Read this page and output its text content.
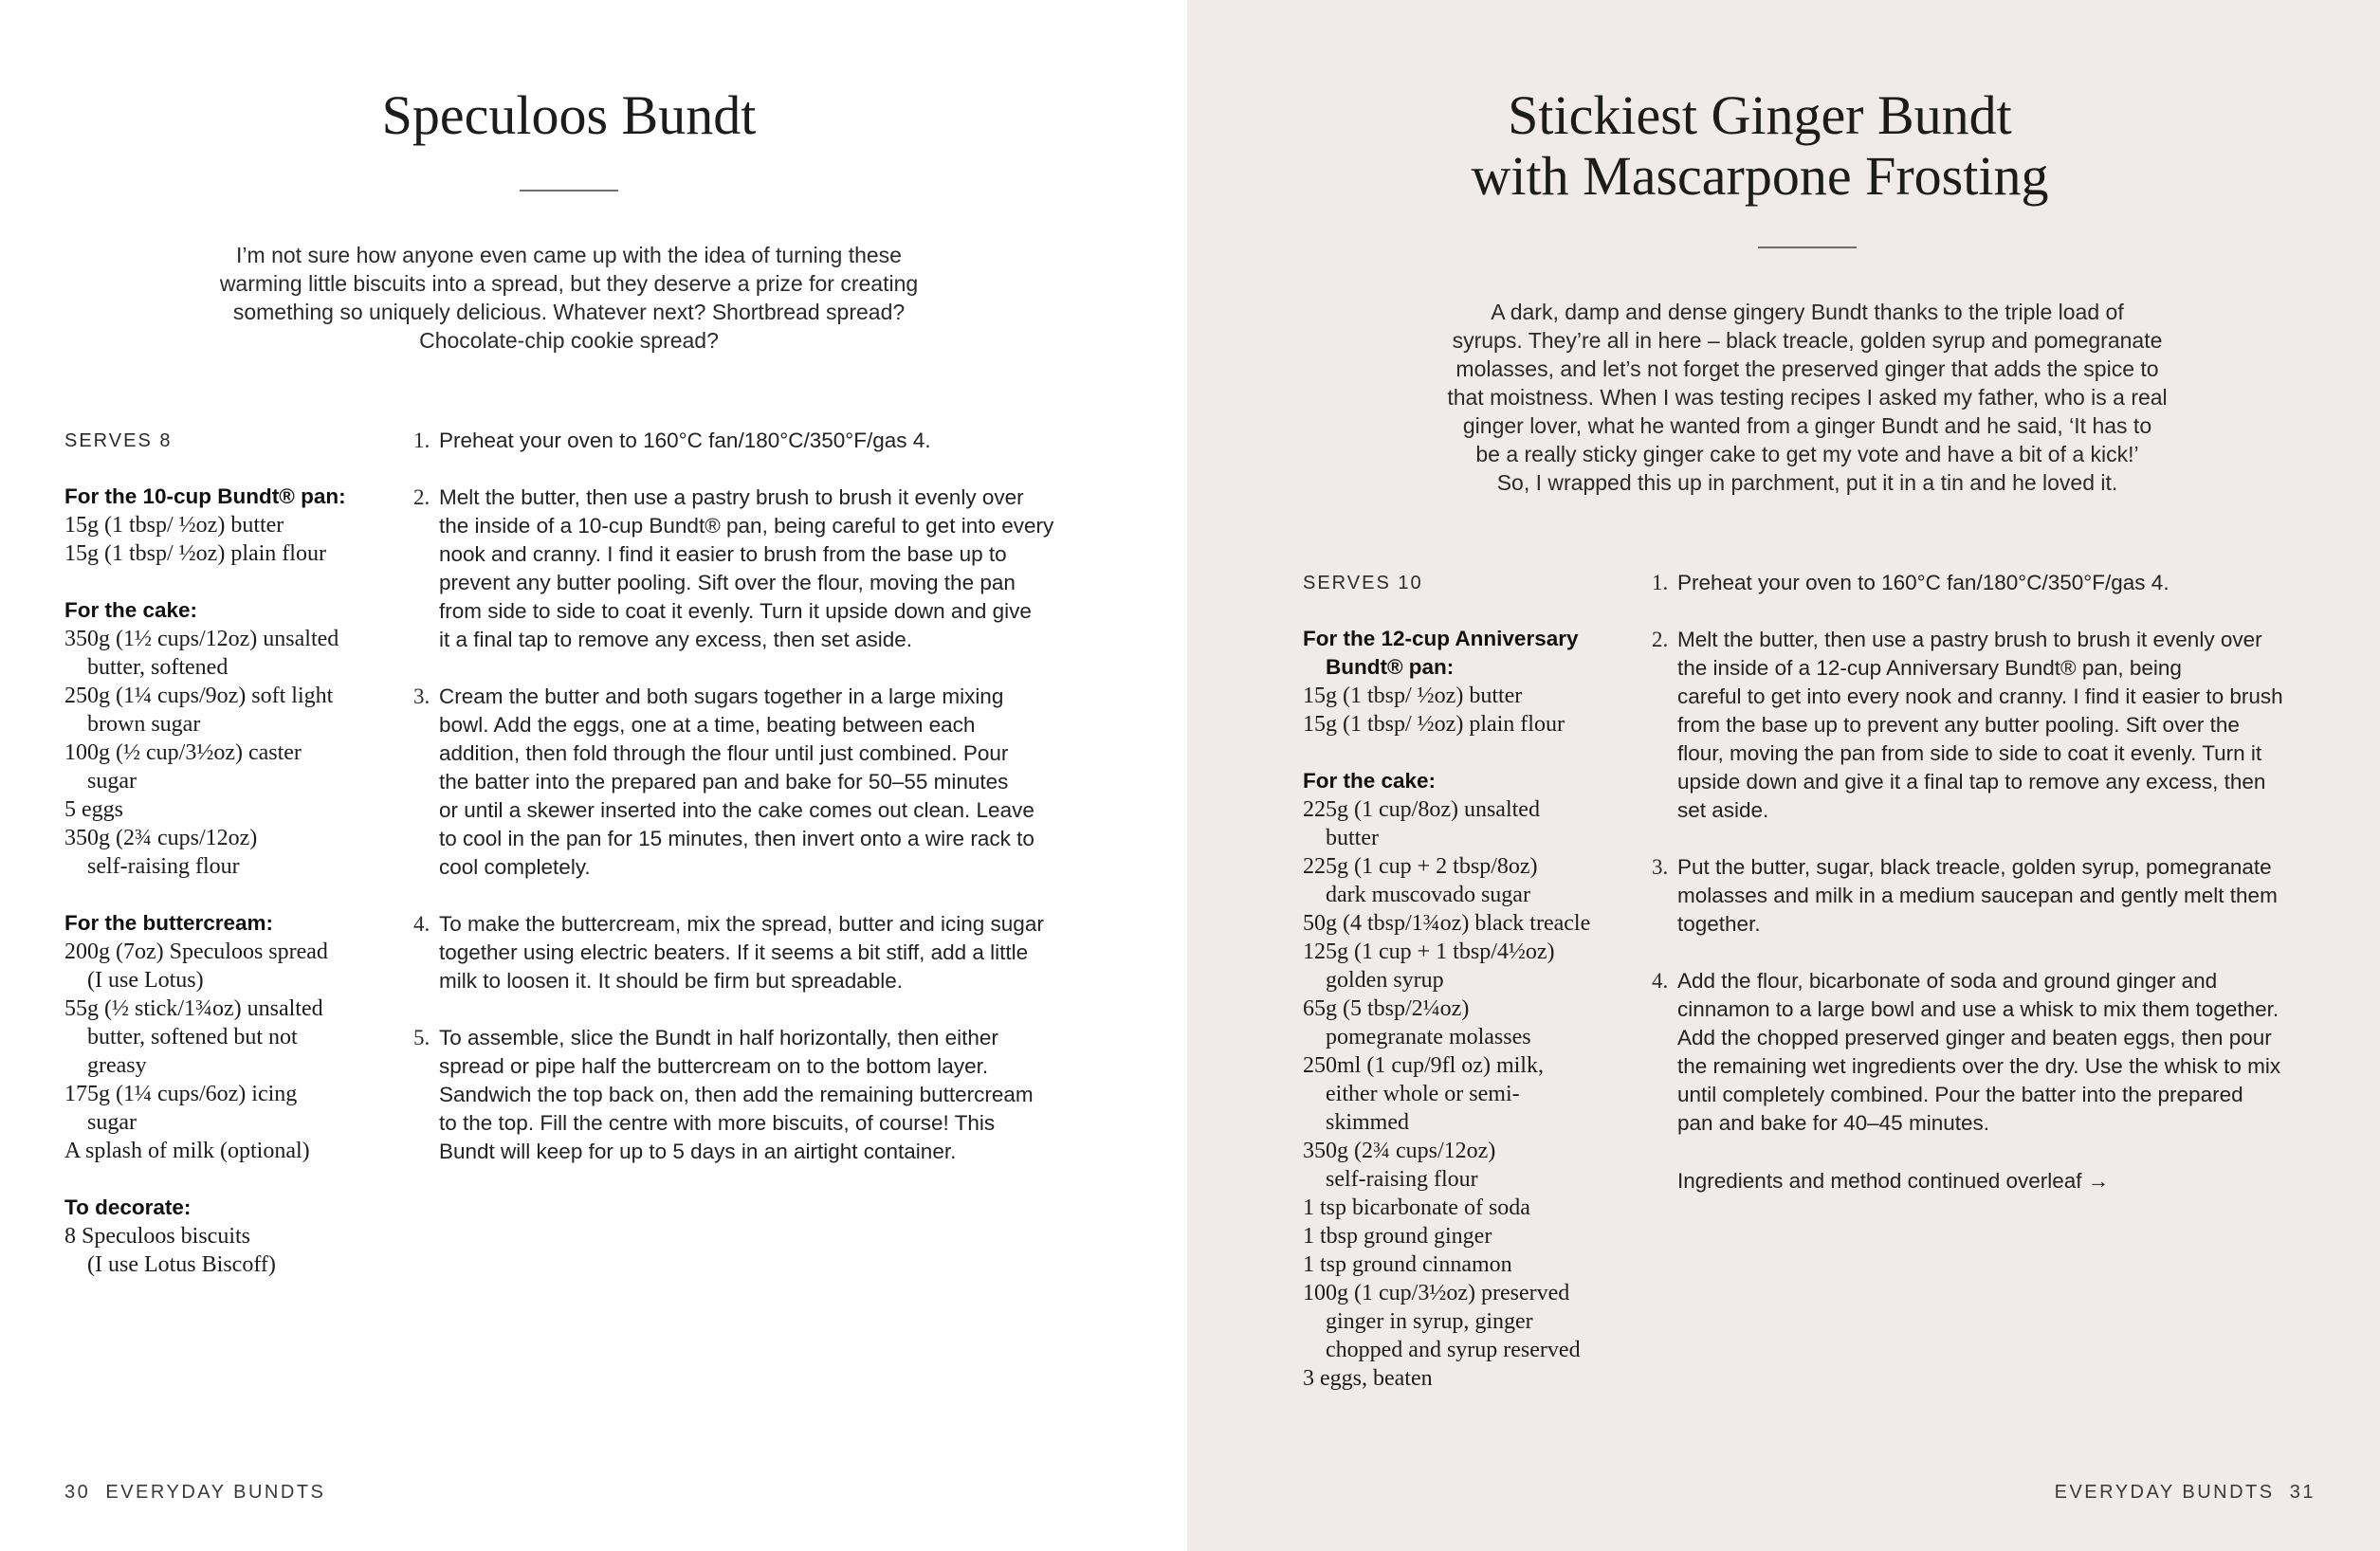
Speculoos Bundt
I’m not sure how anyone even came up with the idea of turning these
warming little biscuits into a spread, but they deserve a prize for creating
something so uniquely delicious. Whatever next? Shortbread spread?
Chocolate-chip cookie spread?
SERVES 8
For the 10-cup Bundt® pan:
15g (1 tbsp/ ½oz) butter
15g (1 tbsp/ ½oz) plain flour
For the cake:
350g (1½ cups/12oz) unsalted
butter, softened
250g (1¼ cups/9oz) soft light
brown sugar
100g (½ cup/3½oz) caster
sugar
5 eggs
350g (2¾ cups/12oz)
self-raising flour
For the buttercream:
200g (7oz) Speculoos spread
(I use Lotus)
55g (½ stick/1¾oz) unsalted
butter, softened but not
greasy
175g (1¼ cups/6oz) icing
sugar
A splash of milk (optional)
To decorate:
8 Speculoos biscuits
(I use Lotus Biscoff)
1. Preheat your oven to 160°C fan/180°C/350°F/gas 4.
2. Melt the butter, then use a pastry brush to brush it evenly over
the inside of a 10-cup Bundt® pan, being careful to get into every
nook and cranny. I find it easier to brush from the base up to
prevent any butter pooling. Sift over the flour, moving the pan
from side to side to coat it evenly. Turn it upside down and give
it a final tap to remove any excess, then set aside.
3. Cream the butter and both sugars together in a large mixing
bowl. Add the eggs, one at a time, beating between each
addition, then fold through the flour until just combined. Pour
the batter into the prepared pan and bake for 50–55 minutes
or until a skewer inserted into the cake comes out clean. Leave
to cool in the pan for 15 minutes, then invert onto a wire rack to
cool completely.
4. To make the buttercream, mix the spread, butter and icing sugar
together using electric beaters. If it seems a bit stiff, add a little
milk to loosen it. It should be firm but spreadable.
5. To assemble, slice the Bundt in half horizontally, then either
spread or pipe half the buttercream on to the bottom layer.
Sandwich the top back on, then add the remaining buttercream
to the top. Fill the centre with more biscuits, of course! This
Bundt will keep for up to 5 days in an airtight container.
30 EVERYDAY BUNDTS
Stickiest Ginger Bundt
with Mascarpone Frosting
A dark, damp and dense gingery Bundt thanks to the triple load of
syrups. They’re all in here – black treacle, golden syrup and pomegranate
molasses, and let’s not forget the preserved ginger that adds the spice to
that moistness. When I was testing recipes I asked my father, who is a real
ginger lover, what he wanted from a ginger Bundt and he said, ‘It has to
be a really sticky ginger cake to get my vote and have a bit of a kick!’
So, I wrapped this up in parchment, put it in a tin and he loved it.
SERVES 10
For the 12-cup Anniversary
Bundt® pan:
15g (1 tbsp/ ½oz) butter
15g (1 tbsp/ ½oz) plain flour
For the cake:
225g (1 cup/8oz) unsalted
butter
225g (1 cup + 2 tbsp/8oz)
dark muscovado sugar
50g (4 tbsp/1¾oz) black treacle
125g (1 cup + 1 tbsp/4½oz)
golden syrup
65g (5 tbsp/2¼oz)
pomegranate molasses
250ml (1 cup/9fl oz) milk,
either whole or semi-
skimmed
350g (2¾ cups/12oz)
self-raising flour
1 tsp bicarbonate of soda
1 tbsp ground ginger
1 tsp ground cinnamon
100g (1 cup/3½oz) preserved
ginger in syrup, ginger
chopped and syrup reserved
3 eggs, beaten
1. Preheat your oven to 160°C fan/180°C/350°F/gas 4.
2. Melt the butter, then use a pastry brush to brush it evenly over
the inside of a 12-cup Anniversary Bundt® pan, being
careful to get into every nook and cranny. I find it easier to brush
from the base up to prevent any butter pooling. Sift over the
flour, moving the pan from side to side to coat it evenly. Turn it
upside down and give it a final tap to remove any excess, then
set aside.
3. Put the butter, sugar, black treacle, golden syrup, pomegranate
molasses and milk in a medium saucepan and gently melt them
together.
4. Add the flour, bicarbonate of soda and ground ginger and
cinnamon to a large bowl and use a whisk to mix them together.
Add the chopped preserved ginger and beaten eggs, then pour
the remaining wet ingredients over the dry. Use the whisk to mix
until completely combined. Pour the batter into the prepared
pan and bake for 40–45 minutes.
Ingredients and method continued overleaf →
EVERYDAY BUNDTS 31
